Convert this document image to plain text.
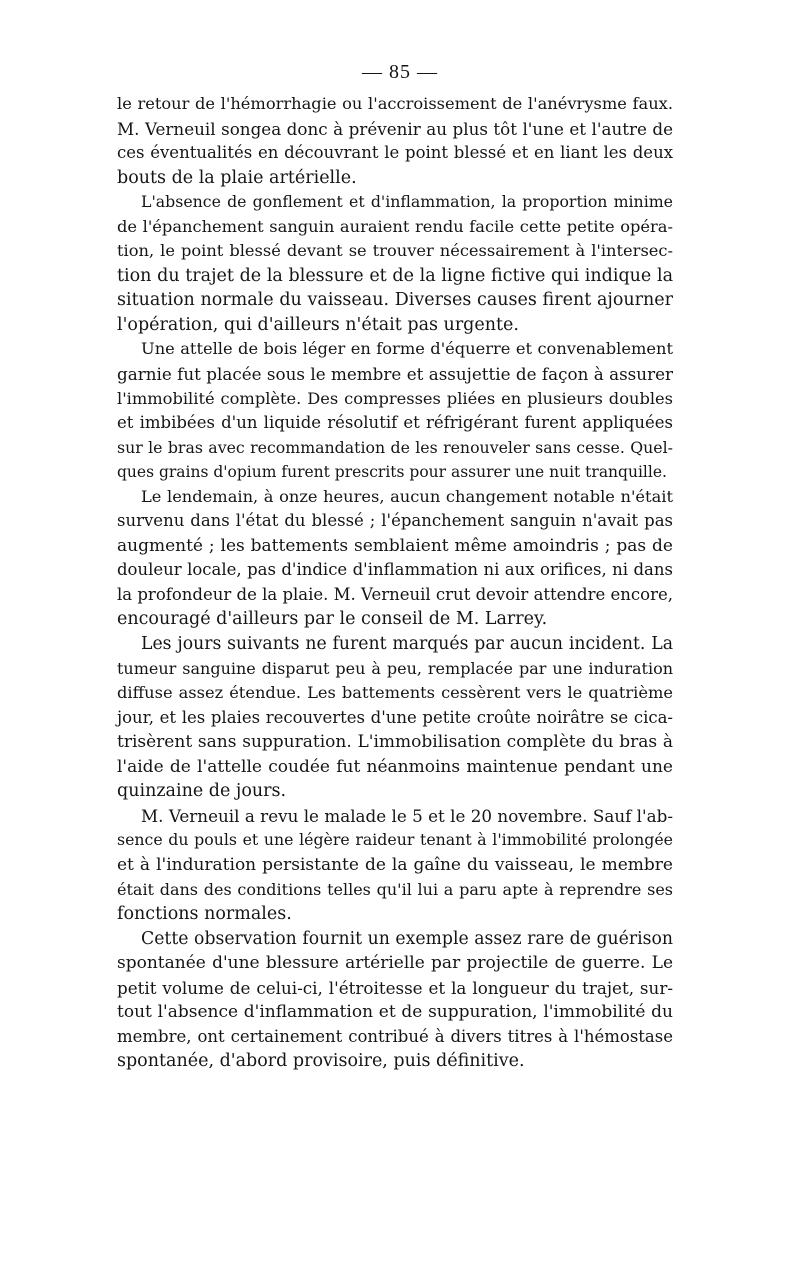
— 85 —
le retour de l'hémorrhagie ou l'accroissement de l'anévrysme faux.
M. Verneuil songea donc à prévenir au plus tôt l'une et l'autre de
ces éventualités en découvrant le point blessé et en liant les deux
bouts de la plaie artérielle.
L'absence de gonflement et d'inflammation, la proportion minime
de l'épanchement sanguin auraient rendu facile cette petite opéra-
tion, le point blessé devant se trouver nécessairement à l'intersec-
tion du trajet de la blessure et de la ligne fictive qui indique la
situation normale du vaisseau. Diverses causes firent ajourner
l'opération, qui d'ailleurs n'était pas urgente.
Une attelle de bois léger en forme d'équerre et convenablement
garnie fut placée sous le membre et assujettie de façon à assurer
l'immobilité complète. Des compresses pliées en plusieurs doubles
et imbibées d'un liquide résolutif et réfrigérant furent appliquées
sur le bras avec recommandation de les renouveler sans cesse. Quel-
ques grains d'opium furent prescrits pour assurer une nuit tranquille.
Le lendemain, à onze heures, aucun changement notable n'était
survenu dans l'état du blessé ; l'épanchement sanguin n'avait pas
augmenté ; les battements semblaient même amoindris ; pas de
douleur locale, pas d'indice d'inflammation ni aux orifices, ni dans
la profondeur de la plaie. M. Verneuil crut devoir attendre encore,
encouragé d'ailleurs par le conseil de M. Larrey.
Les jours suivants ne furent marqués par aucun incident. La
tumeur sanguine disparut peu à peu, remplacée par une induration
diffuse assez étendue. Les battements cessèrent vers le quatrième
jour, et les plaies recouvertes d'une petite croûte noirâtre se cica-
trisèrent sans suppuration. L'immobilisation complète du bras à
l'aide de l'attelle coudée fut néanmoins maintenue pendant une
quinzaine de jours.
M. Verneuil a revu le malade le 5 et le 20 novembre. Sauf l'ab-
sence du pouls et une légère raideur tenant à l'immobilité prolongée
et à l'induration persistante de la gaîne du vaisseau, le membre
était dans des conditions telles qu'il lui a paru apte à reprendre ses
fonctions normales.
Cette observation fournit un exemple assez rare de guérison
spontanée d'une blessure artérielle par projectile de guerre. Le
petit volume de celui-ci, l'étroitesse et la longueur du trajet, sur-
tout l'absence d'inflammation et de suppuration, l'immobilité du
membre, ont certainement contribué à divers titres à l'hémostase
spontanée, d'abord provisoire, puis définitive.
